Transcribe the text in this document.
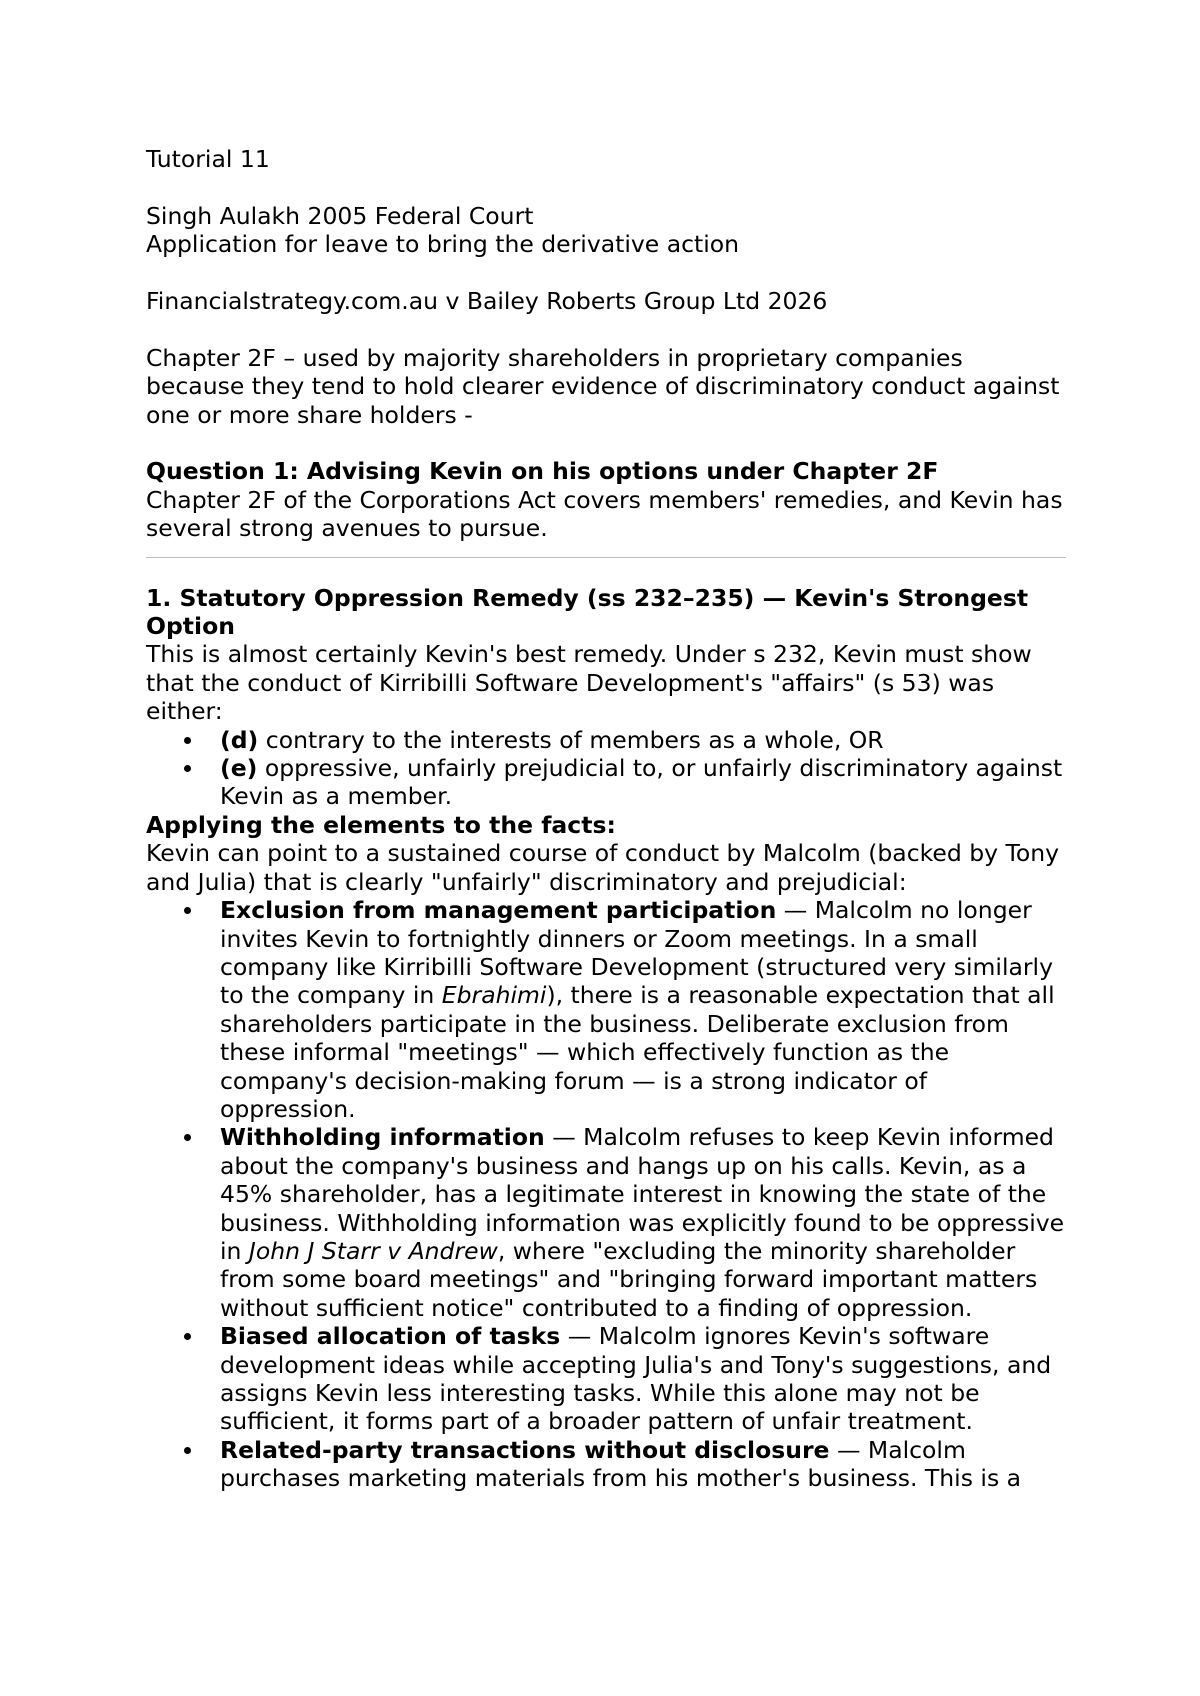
Tutorial 11

Singh Aulakh 2005 Federal Court

Application for leave to bring the derivative action

Financialstrategy.com.au v Bailey Roberts Group Ltd 2026

Chapter 2F – used by majority shareholders in proprietary companies because they tend to hold clearer evidence of discriminatory conduct against one or more share holders -

Question 1: Advising Kevin on his options under Chapter 2F

Chapter 2F of the Corporations Act covers members' remedies, and Kevin has several strong avenues to pursue.

1. Statutory Oppression Remedy (ss 232–235) — Kevin's Strongest Option

This is almost certainly Kevin's best remedy. Under s 232, Kevin must show that the conduct of Kirribilli Software Development's "affairs" (s 53) was either:

(d) contrary to the interests of members as a whole, OR
(e) oppressive, unfairly prejudicial to, or unfairly discriminatory against Kevin as a member.

Applying the elements to the facts:

Kevin can point to a sustained course of conduct by Malcolm (backed by Tony and Julia) that is clearly "unfairly" discriminatory and prejudicial:

Exclusion from management participation — Malcolm no longer invites Kevin to fortnightly dinners or Zoom meetings. In a small company like Kirribilli Software Development (structured very similarly to the company in Ebrahimi), there is a reasonable expectation that all shareholders participate in the business. Deliberate exclusion from these informal "meetings" — which effectively function as the company's decision-making forum — is a strong indicator of oppression.
Withholding information — Malcolm refuses to keep Kevin informed about the company's business and hangs up on his calls. Kevin, as a 45% shareholder, has a legitimate interest in knowing the state of the business. Withholding information was explicitly found to be oppressive in John J Starr v Andrew, where "excluding the minority shareholder from some board meetings" and "bringing forward important matters without sufficient notice" contributed to a finding of oppression.
Biased allocation of tasks — Malcolm ignores Kevin's software development ideas while accepting Julia's and Tony's suggestions, and assigns Kevin less interesting tasks. While this alone may not be sufficient, it forms part of a broader pattern of unfair treatment.
Related-party transactions without disclosure — Malcolm purchases marketing materials from his mother's business. This is a
